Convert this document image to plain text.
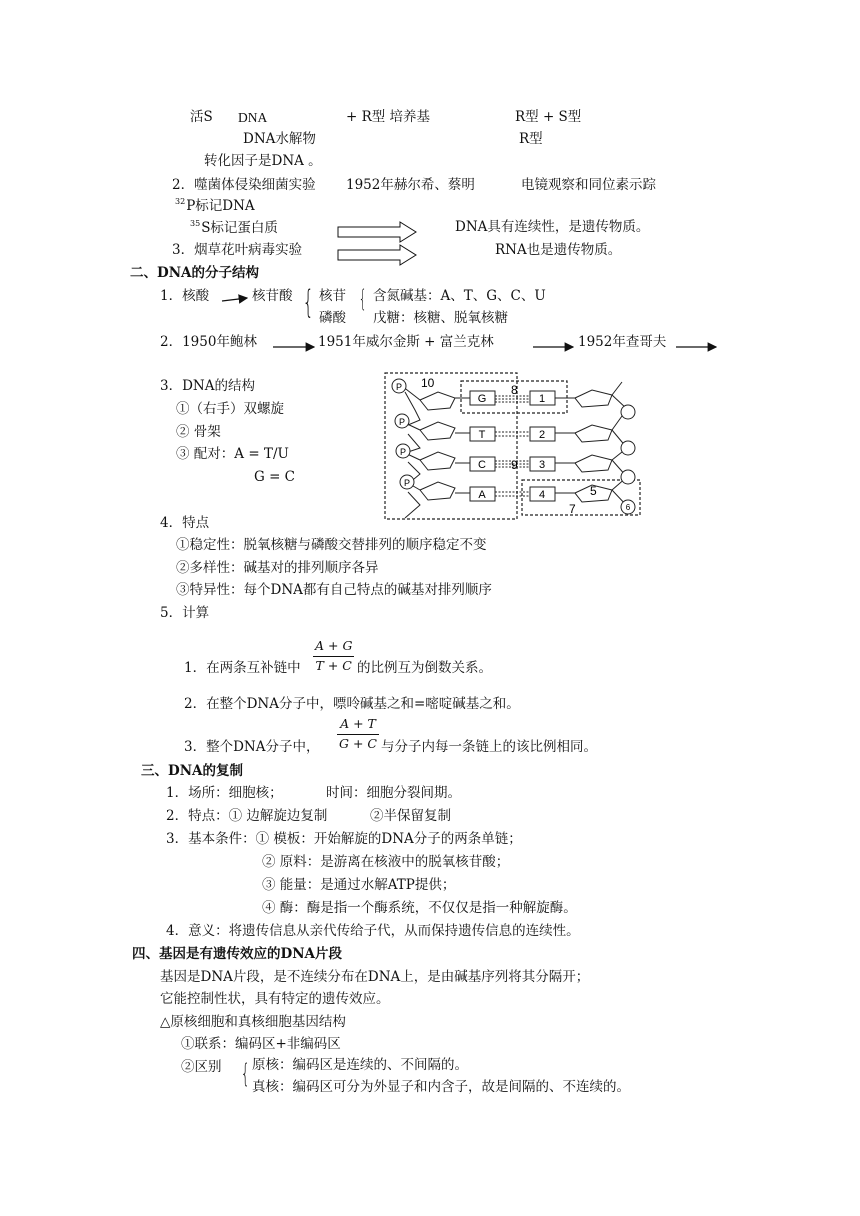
活S DNA	+ R型 培养基	R型 + S型
DNA水解物	R型
转化因子是DNA 。
2．噬菌体侵染细菌实验 1952年赫尔希、蔡明	电镜观察和同位素示踪
$^{32}$P标记DNA
$^{35}$S标记蛋白质	DNA具有连续性，是遗传物质。
3．烟草花叶病毒实验	RNA也是遗传物质。
二、DNA的分子结构
1．核酸	核苷酸 核苷
磷酸
含氮碱基：A、T、G、C、U
戊糖：核糖、脱氧核糖
2．1950年鲍林	1951年威尔金斯 + 富兰克林	1952年查哥夫
3．DNA的结构
①（右手）双螺旋
② 骨架
③ 配对：A = T/U
G = C
4．特点
①稳定性：脱氧核糖与磷酸交替排列的顺序稳定不变
②多样性：碱基对的排列顺序各异
③特异性：每个DNA都有自己特点的碱基对排列顺序
5．计算
1．在两条互补链中 $\frac{A + G}{T + C}$ 的比例互为倒数关系。
2．在整个DNA分子中，嘌呤碱基之和=嘧啶碱基之和。
3．整个DNA分子中， $\frac{A + T}{G + C}$ 与分子内每一条链上的该比例相同。
三、DNA的复制
1．场所：细胞核；	时间：细胞分裂间期。
2．特点：① 边解旋边复制	②半保留复制
3．基本条件：① 模板：开始解旋的DNA分子的两条单链；
② 原料：是游离在核液中的脱氧核苷酸；
③ 能量：是通过水解ATP提供；
④ 酶：酶是指一个酶系统，不仅仅是指一种解旋酶。
4．意义：将遗传信息从亲代传给子代，从而保持遗传信息的连续性。
四、基因是有遗传效应的DNA片段
基因是DNA片段，是不连续分布在DNA上，是由碱基序列将其分隔开；
它能控制性状，具有特定的遗传效应。
△原核细胞和真核细胞基因结构
①联系：编码区+非编码区
②区别 原核：编码区是连续的、不间隔的。
真核：编码区可分为外显子和内含子，故是间隔的、不连续的。
{ {
{
P
P
P
P
G
T
C
A
1
2
3
4
10	8
9
5
7	6
